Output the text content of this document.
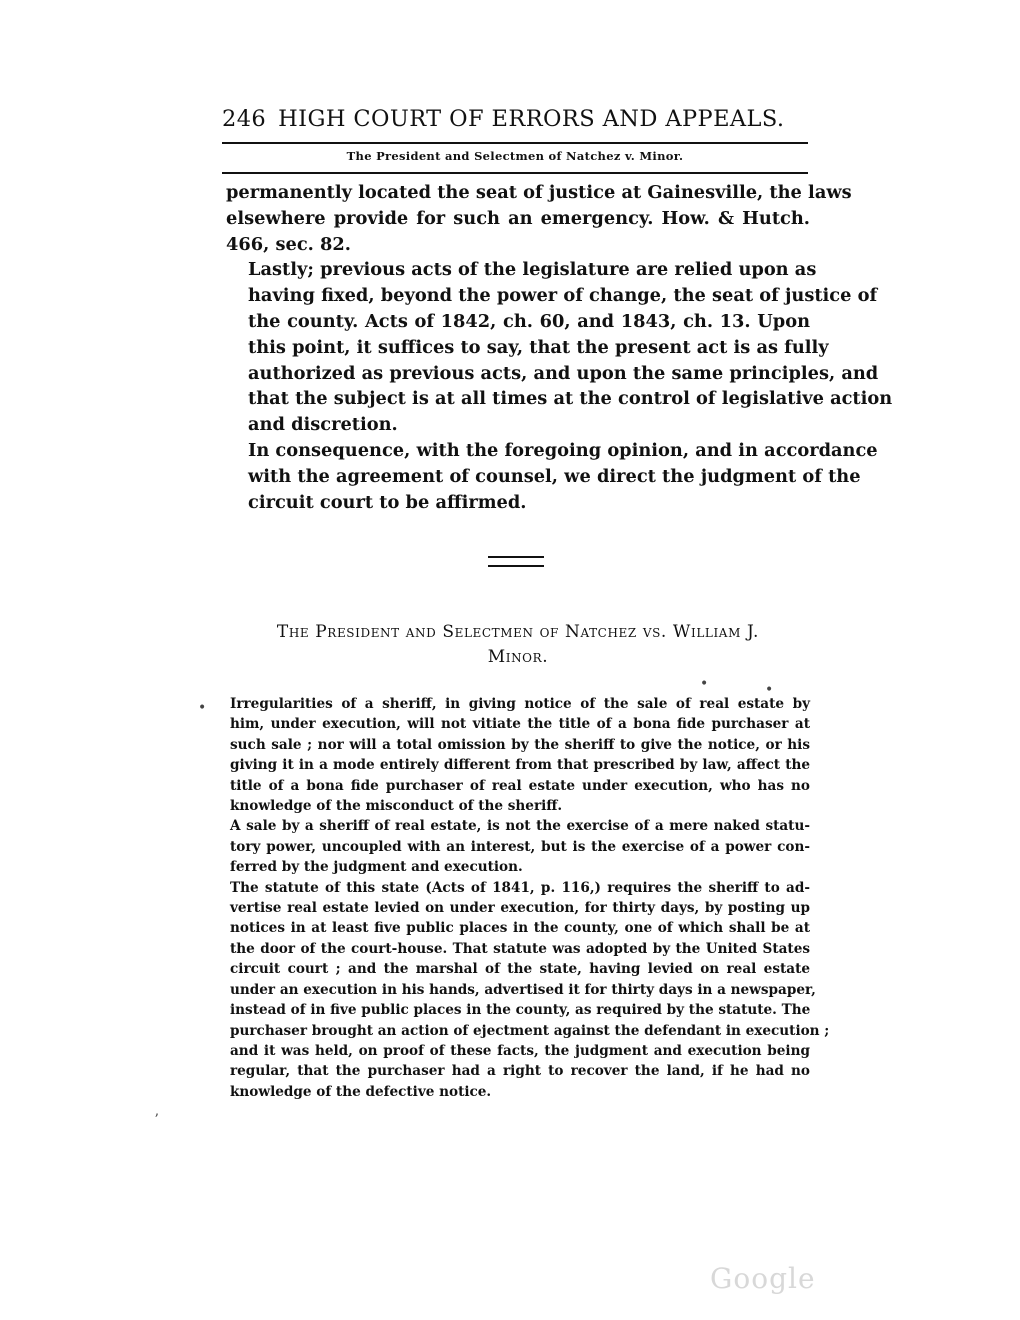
246 HIGH COURT OF ERRORS AND APPEALS.
The President and Selectmen of Natchez v. Minor.

permanently located the seat of justice at Gainesville, the laws
elsewhere provide for such an emergency. How. & Hutch.
466, sec. 82.

Lastly; previous acts of the legislature are relied upon as
having fixed, beyond the power of change, the seat of justice of
the county. Acts of 1842, ch. 60, and 1843, ch. 13. Upon
this point, it suffices to say, that the present act is as fully
authorized as previous acts, and upon the same principles, and
that the subject is at all times at the control of legislative action
and discretion.

In consequence, with the foregoing opinion, and in accordance
with the agreement of counsel, we direct the judgment of the
circuit court to be affirmed.

The President and Selectmen of Natchez vs. William J.
Minor.

Irregularities of a sheriff, in giving notice of the sale of real estate by
him, under execution, will not vitiate the title of a bona fide purchaser at
such sale ; nor will a total omission by the sheriff to give the notice, or his
giving it in a mode entirely different from that prescribed by law, affect the
title of a bona fide purchaser of real estate under execution, who has no
knowledge of the misconduct of the sheriff.

A sale by a sheriff of real estate, is not the exercise of a mere naked statu-
tory power, uncoupled with an interest, but is the exercise of a power con-
ferred by the judgment and execution.

The statute of this state (Acts of 1841, p. 116,) requires the sheriff to ad-
vertise real estate levied on under execution, for thirty days, by posting up
notices in at least five public places in the county, one of which shall be at
the door of the court-house. That statute was adopted by the United States
circuit court ; and the marshal of the state, having levied on real estate
under an execution in his hands, advertised it for thirty days in a newspaper,
instead of in five public places in the county, as required by the statute. The
purchaser brought an action of ejectment against the defendant in execution ;
and it was held, on proof of these facts, the judgment and execution being
regular, that the purchaser had a right to recover the land, if he had no
knowledge of the defective notice.

•
ʼ
•	•
Google
